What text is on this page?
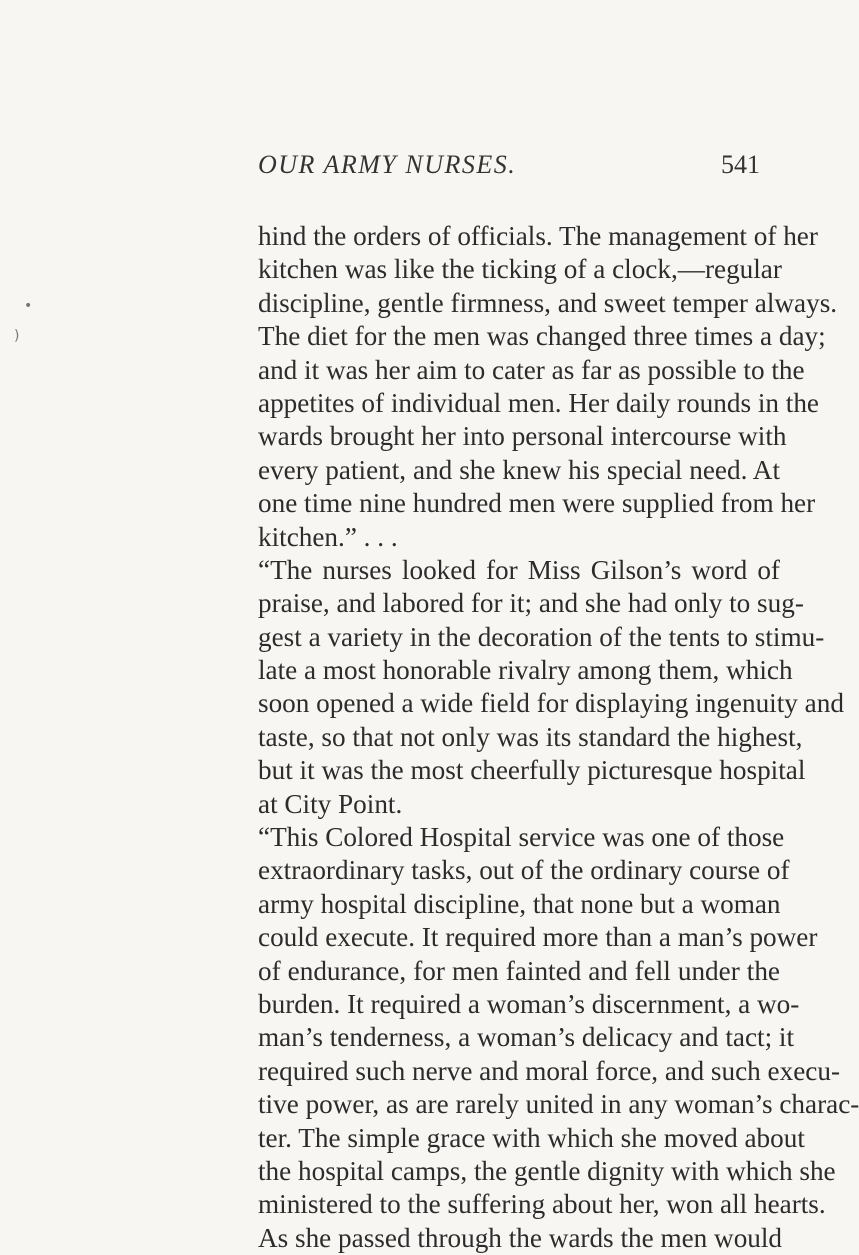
•
)
OUR ARMY NURSES.	541
hind the orders of officials. The management of her
kitchen was like the ticking of a clock,—regular
discipline, gentle firmness, and sweet temper always.
The diet for the men was changed three times a day;
and it was her aim to cater as far as possible to the
appetites of individual men. Her daily rounds in the
wards brought her into personal intercourse with
every patient, and she knew his special need. At
one time nine hundred men were supplied from her
kitchen.” . . .
“The nurses looked for Miss Gilson’s word of
praise, and labored for it; and she had only to sug-
gest a variety in the decoration of the tents to stimu-
late a most honorable rivalry among them, which
soon opened a wide field for displaying ingenuity and
taste, so that not only was its standard the highest,
but it was the most cheerfully picturesque hospital
at City Point.
“This Colored Hospital service was one of those
extraordinary tasks, out of the ordinary course of
army hospital discipline, that none but a woman
could execute. It required more than a man’s power
of endurance, for men fainted and fell under the
burden. It required a woman’s discernment, a wo-
man’s tenderness, a woman’s delicacy and tact; it
required such nerve and moral force, and such execu-
tive power, as are rarely united in any woman’s charac-
ter. The simple grace with which she moved about
the hospital camps, the gentle dignity with which she
ministered to the suffering about her, won all hearts.
As she passed through the wards the men would
